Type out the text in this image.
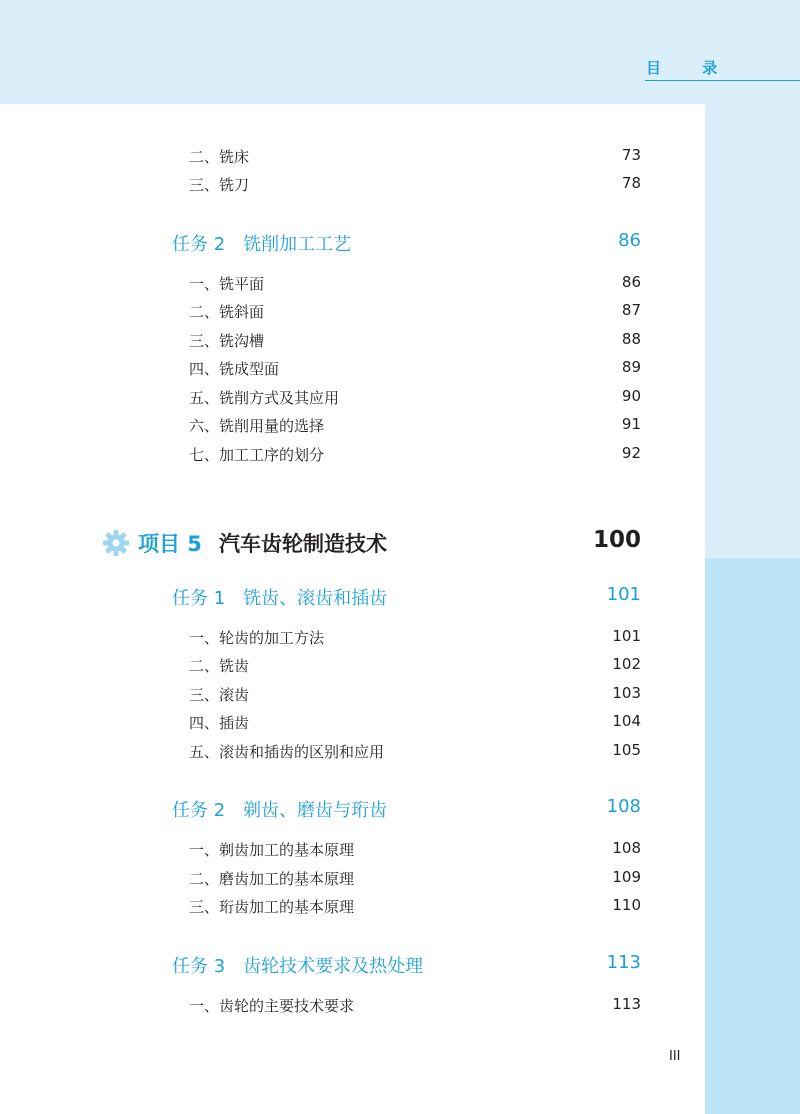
目 录
二、铣床	73
三、铣刀	78
任务 2　铣削加工工艺	86
一、铣平面	86
二、铣斜面	87
三、铣沟槽	88
四、铣成型面	89
五、铣削方式及其应用	90
六、铣削用量的选择	91
七、加工工序的划分	92
项目 5 汽车齿轮制造技术	100
任务 1　铣齿、滚齿和插齿	101
一、轮齿的加工方法	101
二、铣齿	102
三、滚齿	103
四、插齿	104
五、滚齿和插齿的区别和应用	105
任务 2　剃齿、磨齿与珩齿	108
一、剃齿加工的基本原理	108
二、磨齿加工的基本原理	109
三、珩齿加工的基本原理	110
任务 3　齿轮技术要求及热处理	113
一、齿轮的主要技术要求	113
III
